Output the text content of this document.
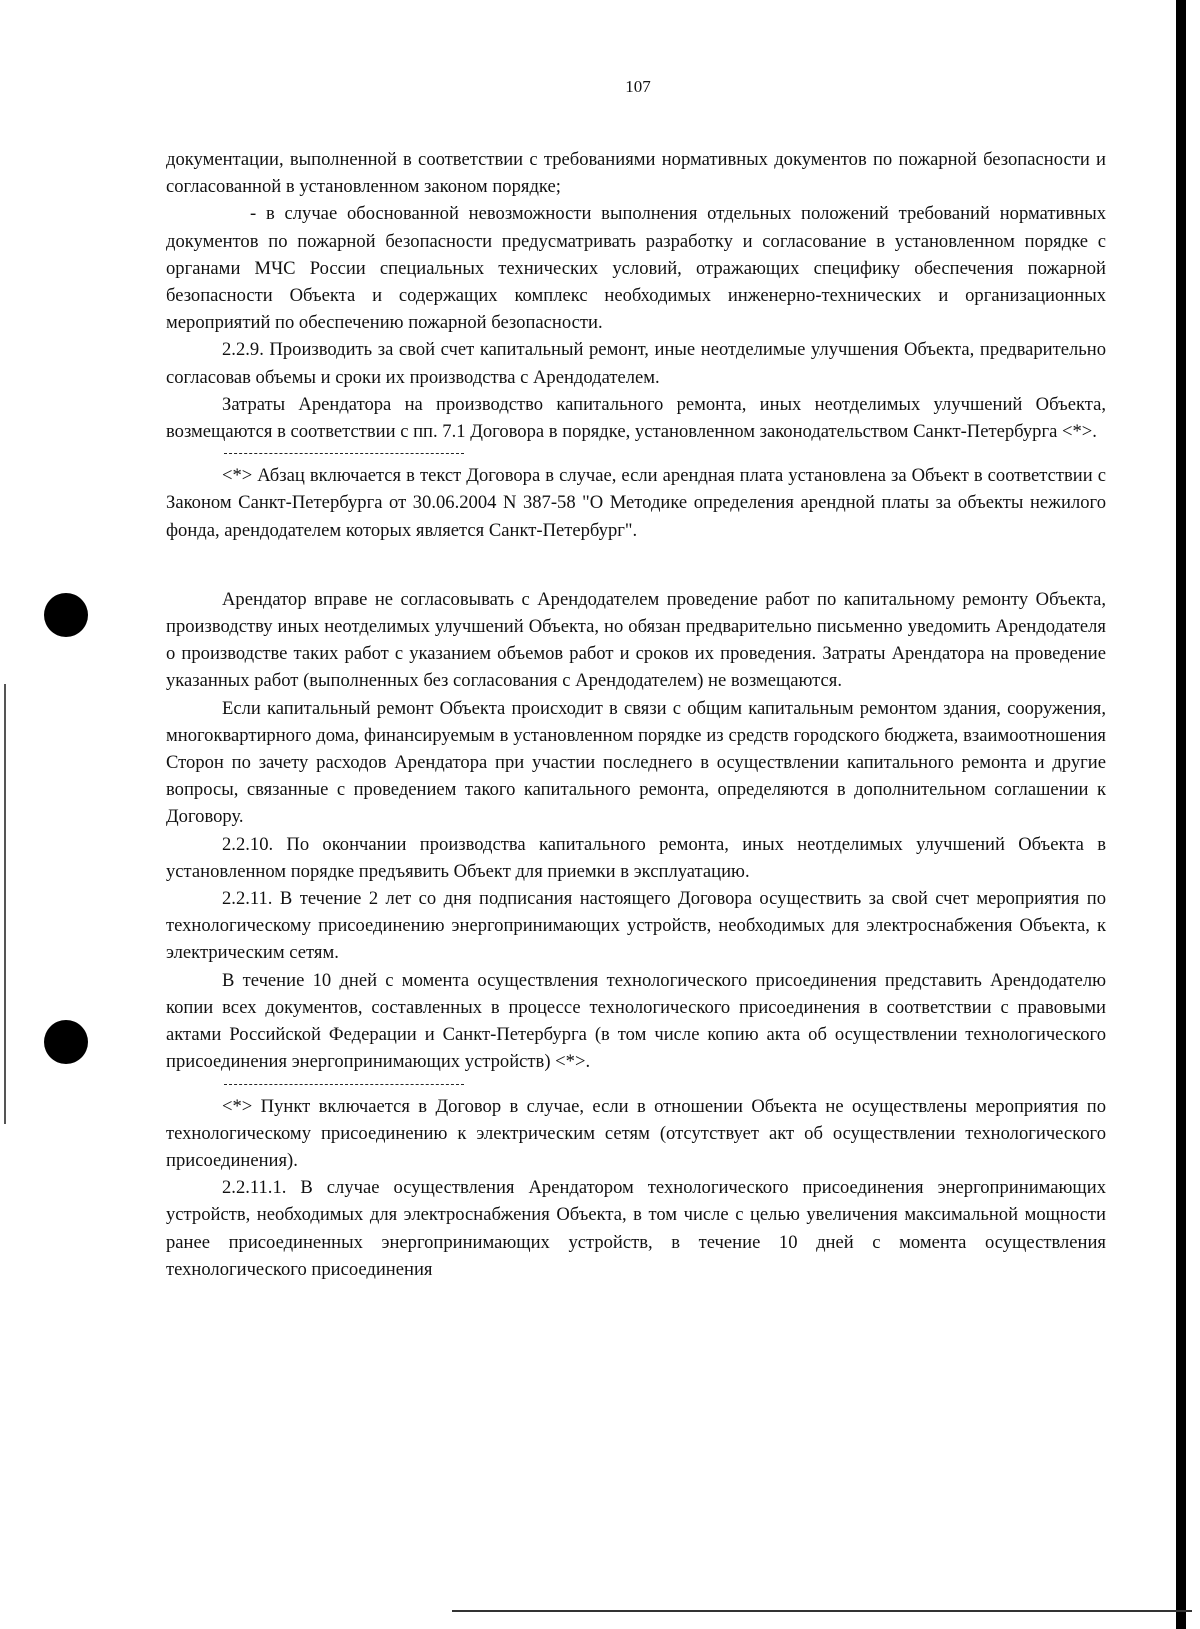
107

документации, выполненной в соответствии с требованиями нормативных документов по пожарной безопасности и согласованной в установленном законом порядке;

- в случае обоснованной невозможности выполнения отдельных положений требований нормативных документов по пожарной безопасности предусматривать разработку и согласование в установленном порядке с органами МЧС России специальных технических условий, отражающих специфику обеспечения пожарной безопасности Объекта и содержащих комплекс необходимых инженерно-технических и организационных мероприятий по обеспечению пожарной безопасности.

2.2.9. Производить за свой счет капитальный ремонт, иные неотделимые улучшения Объекта, предварительно согласовав объемы и сроки их производства с Арендодателем.

Затраты Арендатора на производство капитального ремонта, иных неотделимых улучшений Объекта, возмещаются в соответствии с пп. 7.1 Договора в порядке, установленном законодательством Санкт-Петербурга <*>.

<*> Абзац включается в текст Договора в случае, если арендная плата установлена за Объект в соответствии с Законом Санкт-Петербурга от 30.06.2004 N 387-58 "О Методике определения арендной платы за объекты нежилого фонда, арендодателем которых является Санкт-Петербург".

Арендатор вправе не согласовывать с Арендодателем проведение работ по капитальному ремонту Объекта, производству иных неотделимых улучшений Объекта, но обязан предварительно письменно уведомить Арендодателя о производстве таких работ с указанием объемов работ и сроков их проведения. Затраты Арендатора на проведение указанных работ (выполненных без согласования с Арендодателем) не возмещаются.

Если капитальный ремонт Объекта происходит в связи с общим капитальным ремонтом здания, сооружения, многоквартирного дома, финансируемым в установленном порядке из средств городского бюджета, взаимоотношения Сторон по зачету расходов Арендатора при участии последнего в осуществлении капитального ремонта и другие вопросы, связанные с проведением такого капитального ремонта, определяются в дополнительном соглашении к Договору.

2.2.10. По окончании производства капитального ремонта, иных неотделимых улучшений Объекта в установленном порядке предъявить Объект для приемки в эксплуатацию.

2.2.11. В течение 2 лет со дня подписания настоящего Договора осуществить за свой счет мероприятия по технологическому присоединению энергопринимающих устройств, необходимых для электроснабжения Объекта, к электрическим сетям.

В течение 10 дней с момента осуществления технологического присоединения представить Арендодателю копии всех документов, составленных в процессе технологического присоединения в соответствии с правовыми актами Российской Федерации и Санкт-Петербурга (в том числе копию акта об осуществлении технологического присоединения энергопринимающих устройств) <*>.

<*> Пункт включается в Договор в случае, если в отношении Объекта не осуществлены мероприятия по технологическому присоединению к электрическим сетям (отсутствует акт об осуществлении технологического присоединения).

2.2.11.1. В случае осуществления Арендатором технологического присоединения энергопринимающих устройств, необходимых для электроснабжения Объекта, в том числе с целью увеличения максимальной мощности ранее присоединенных энергопринимающих устройств, в течение 10 дней с момента осуществления технологического присоединения
